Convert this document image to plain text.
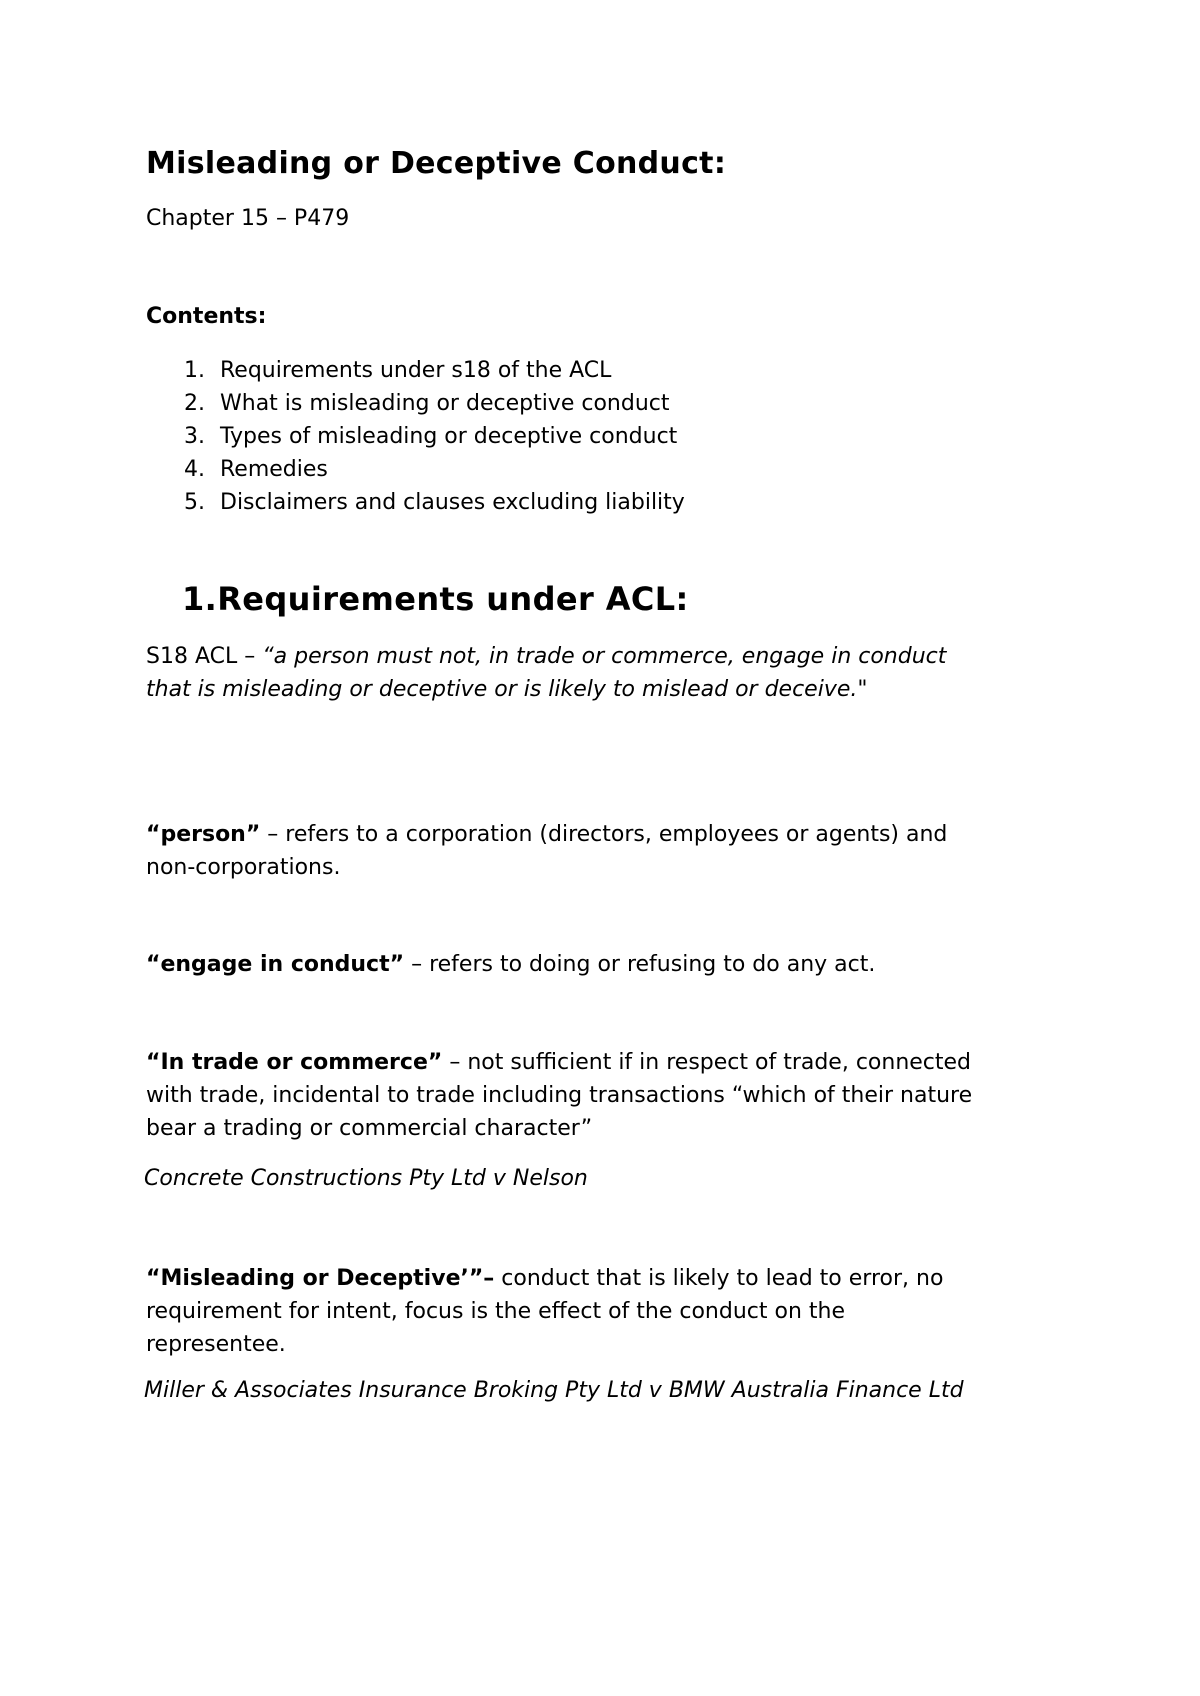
Misleading or Deceptive Conduct:
Chapter 15 – P479
Contents:
1. Requirements under s18 of the ACL
2. What is misleading or deceptive conduct
3. Types of misleading or deceptive conduct
4. Remedies
5. Disclaimers and clauses excluding liability
1.Requirements under ACL:
S18 ACL – “a person must not, in trade or commerce, engage in conduct
that is misleading or deceptive or is likely to mislead or deceive."
“person” – refers to a corporation (directors, employees or agents) and
non-corporations.
“engage in conduct” – refers to doing or refusing to do any act.
“In trade or commerce” – not sufficient if in respect of trade, connected
with trade, incidental to trade including transactions “which of their nature
bear a trading or commercial character”
Concrete Constructions Pty Ltd v Nelson
“Misleading or Deceptive’”– conduct that is likely to lead to error, no
requirement for intent, focus is the effect of the conduct on the
representee.
Miller & Associates Insurance Broking Pty Ltd v BMW Australia Finance Ltd
